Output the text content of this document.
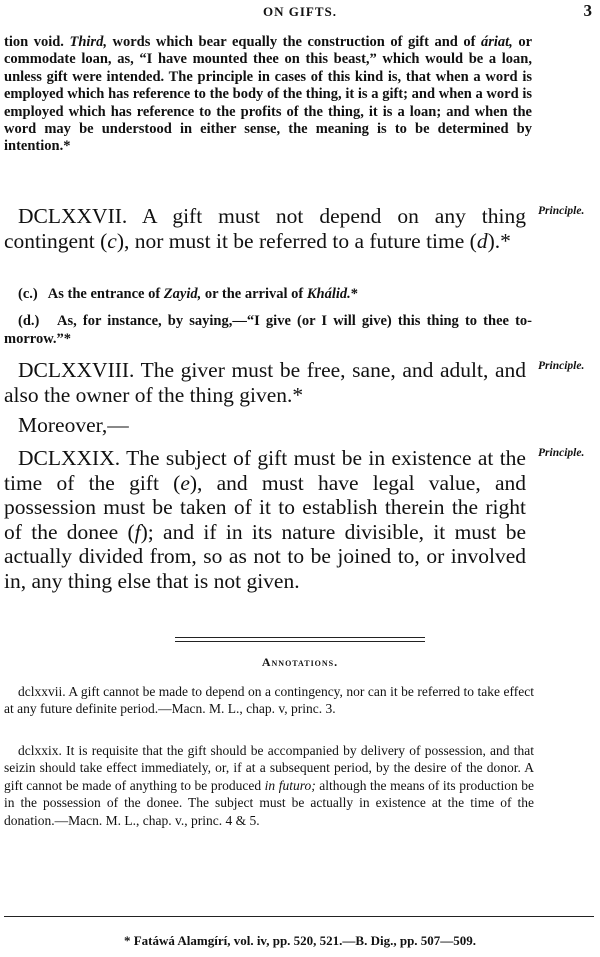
ON GIFTS.	3

tion void. Third, words which bear equally the construction of gift and of áriat, or commodate loan, as, “I have mounted thee on this beast,” which would be a loan, unless gift were intended. The principle in cases of this kind is, that when a word is employed which has reference to the body of the thing, it is a gift; and when a word is employed which has reference to the profits of the thing, it is a loan; and when the word may be understood in either sense, the meaning is to be determined by intention.*

DCLXXVII. A gift must not depend on any thing contingent (c), nor must it be referred to a future time (d).*

Principle.

(c.) As the entrance of Zayid, or the arrival of Khálid.*

(d.) As, for instance, by saying,—“I give (or I will give) this thing to thee to-morrow.”*

DCLXXVIII. The giver must be free, sane, and adult, and also the owner of the thing given.*

Principle.

Moreover,—

DCLXXIX. The subject of gift must be in existence at the time of the gift (e), and must have legal value, and possession must be taken of it to establish therein the right of the donee (f); and if in its nature divisible, it must be actually divided from, so as not to be joined to, or involved in, any thing else that is not given.

Principle.
Annotations.

dclxxvii. A gift cannot be made to depend on a contingency, nor can it be referred to take effect at any future definite period.—Macn. M. L., chap. v, princ. 3.

dclxxix. It is requisite that the gift should be accompanied by delivery of possession, and that seizin should take effect immediately, or, if at a subsequent period, by the desire of the donor. A gift cannot be made of anything to be produced in futuro; although the means of its production be in the possession of the donee. The subject must be actually in existence at the time of the donation.—Macn. M. L., chap. v., princ. 4 & 5.

* Fatáwá Alamgírí, vol. iv, pp. 520, 521.—B. Dig., pp. 507—509.
